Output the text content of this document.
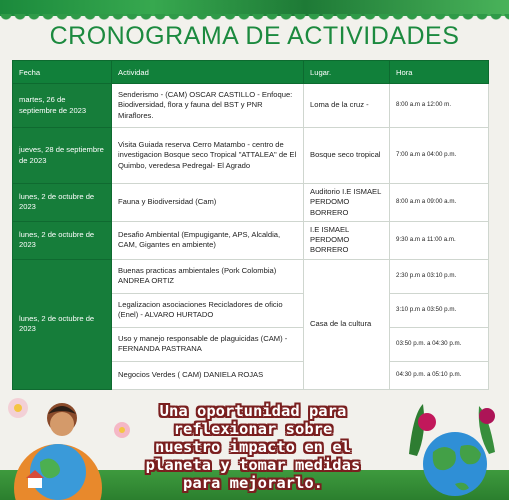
CRONOGRAMA DE ACTIVIDADES
Fecha	Actividad	Lugar.	Hora
martes, 26 de septiembre de 2023	Senderismo - (CAM) OSCAR CASTILLO - Enfoque: Biodiversidad, flora y fauna del BST y PNR Miraflores.	Loma de la cruz -	8:00 a.m a 12:00 m.
jueves, 28 de septiembre de 2023	Visita Guiada reserva Cerro Matambo - centro de investigacion Bosque seco Tropical "ATTALEA" de El Quimbo, veredesa Pedregal- El Agrado	Bosque seco tropical	7:00 a.m a 04:00 p.m.
lunes, 2 de octubre de 2023	Fauna y Biodiversidad (Cam)	Auditorio I.E ISMAEL PERDOMO BORRERO	8:00 a.m a 09:00 a.m.
lunes, 2 de octubre de 2023	Desafio Ambiental (Empugigante, APS, Alcaldia, CAM, Gigantes en ambiente)	I.E ISMAEL PERDOMO BORRERO	9:30 a.m a 11:00 a.m.
lunes, 2 de octubre de 2023	Buenas practicas ambientales (Pork Colombia) ANDREA ORTIZ	Casa de la cultura	2:30 p.m a 03:10 p.m.
	Legalizacion asociaciones Recicladores de oficio (Enel) - ALVARO HURTADO		3:10 p.m a 03:50 p.m.
	Uso y manejo responsable de plaguicidas (CAM) - FERNANDA PASTRANA		03:50 p.m. a 04:30 p.m.
	Negocios Verdes ( CAM) DANIELA ROJAS		04:30 p.m. a 05:10 p.m.
Una oportunidad para
reflexionar sobre
nuestro impacto en el
planeta y tomar medidas
para mejorarlo.
